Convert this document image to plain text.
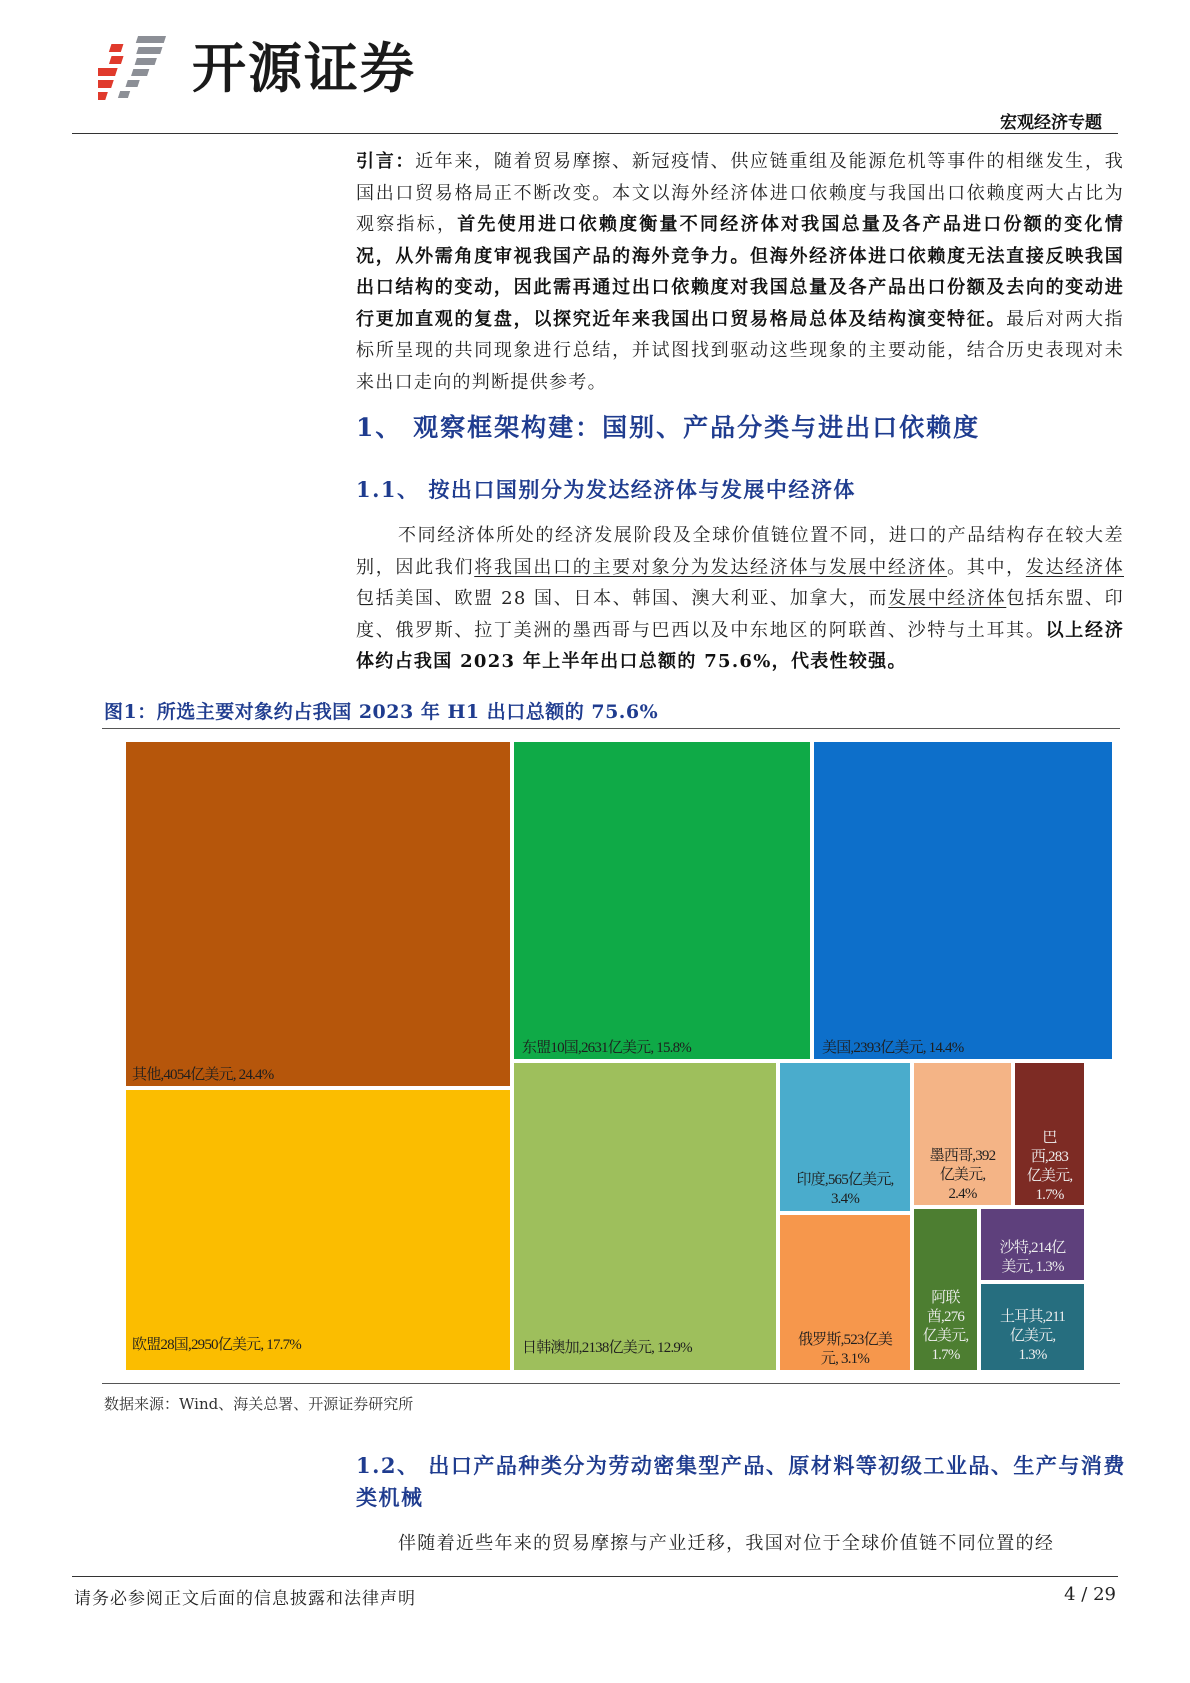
开源证券
宏观经济专题

引言：近年来，随着贸易摩擦、新冠疫情、供应链重组及能源危机等事件的相继发生，我国出口贸易格局正不断改变。本文以海外经济体进口依赖度与我国出口依赖度两大占比为观察指标，首先使用进口依赖度衡量不同经济体对我国总量及各产品进口份额的变化情况，从外需角度审视我国产品的海外竞争力。但海外经济体进口依赖度无法直接反映我国出口结构的变动，因此需再通过出口依赖度对我国总量及各产品出口份额及去向的变动进行更加直观的复盘，以探究近年来我国出口贸易格局总体及结构演变特征。最后对两大指标所呈现的共同现象进行总结，并试图找到驱动这些现象的主要动能，结合历史表现对未来出口走向的判断提供参考。

1、 观察框架构建：国别、产品分类与进出口依赖度
1.1、 按出口国别分为发达经济体与发展中经济体

不同经济体所处的经济发展阶段及全球价值链位置不同，进口的产品结构存在较大差别，因此我们将我国出口的主要对象分为发达经济体与发展中经济体。其中，发达经济体包括美国、欧盟 28 国、日本、韩国、澳大利亚、加拿大，而发展中经济体包括东盟、印度、俄罗斯、拉丁美洲的墨西哥与巴西以及中东地区的阿联酋、沙特与土耳其。以上经济体约占我国 2023 年上半年出口总额的 75.6%，代表性较强。

图1：所选主要对象约占我国 2023 年 H1 出口总额的 75.6%
其他,4054亿美元, 24.4%
欧盟28国,2950亿美元, 17.7%
东盟10国,2631亿美元, 15.8%	美国,2393亿美元, 14.4%
日韩澳加,2138亿美元, 12.9%
印度,565亿美元,
3.4%
俄罗斯,523亿美
元, 3.1%
墨西哥,392
亿美元,
2.4%
巴
西,283
亿美元,
1.7%
阿联
酋,276
亿美元,
1.7%
沙特,214亿
美元, 1.3%
土耳其,211
亿美元,
1.3%
数据来源：Wind、海关总署、开源证券研究所
1.2、 出口产品种类分为劳动密集型产品、原材料等初级工业品、生产与消费类机械

伴随着近些年来的贸易摩擦与产业迁移，我国对位于全球价值链不同位置的经

请务必参阅正文后面的信息披露和法律声明	4 / 29
